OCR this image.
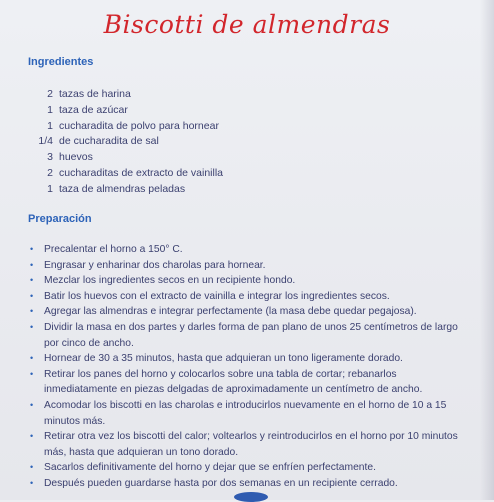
Biscotti de almendras
Ingredientes
2 tazas de harina
1 taza de azúcar
1 cucharadita de polvo para hornear
1/4 de cucharadita de sal
3 huevos
2 cucharaditas de extracto de vainilla
1 taza de almendras peladas
Preparación
•	Precalentar el horno a 150° C.
•	Engrasar y enharinar dos charolas para hornear.
•	Mezclar los ingredientes secos en un recipiente hondo.
•	Batir los huevos con el extracto de vainilla e integrar los ingredientes secos.
•	Agregar las almendras e integrar perfectamente (la masa debe quedar pegajosa).
•	Dividir la masa en dos partes y darles forma de pan plano de unos 25 centímetros de largo por cinco de ancho.
•	Hornear de 30 a 35 minutos, hasta que adquieran un tono ligeramente dorado.
•	Retirar los panes del horno y colocarlos sobre una tabla de cortar; rebanarlos inmediatamente en piezas delgadas de aproximadamente un centímetro de ancho.
•	Acomodar los biscotti en las charolas e introducirlos nuevamente en el horno de 10 a 15 minutos más.
•	Retirar otra vez los biscotti del calor; voltearlos y reintroducirlos en el horno por 10 minutos más, hasta que adquieran un tono dorado.
•	Sacarlos definitivamente del horno y dejar que se enfríen perfectamente.
•	Después pueden guardarse hasta por dos semanas en un recipiente cerrado.
